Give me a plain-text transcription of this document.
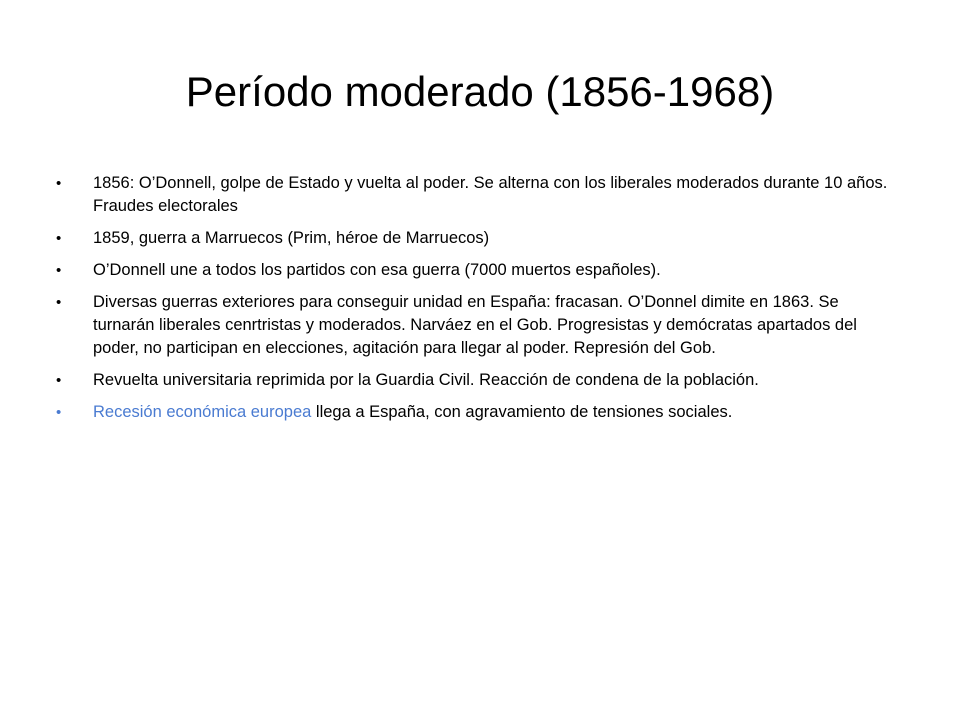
Período moderado (1856-1968)
•	1856: O’Donnell, golpe de Estado y vuelta al poder. Se alterna con los liberales moderados durante 10 años. Fraudes electorales
•	1859, guerra a Marruecos (Prim, héroe de Marruecos)
•	O’Donnell une a todos los partidos con esa guerra (7000 muertos españoles).
•	Diversas guerras exteriores para conseguir unidad en España: fracasan. O’Donnel dimite en 1863. Se turnarán liberales cenrtristas y moderados. Narváez en el Gob. Progresistas y demócratas apartados del poder, no participan en elecciones, agitación para llegar al poder. Represión del Gob.
•	Revuelta universitaria reprimida por la Guardia Civil. Reacción de condena de la población.
•	Recesión económica europea llega a España, con agravamiento de tensiones sociales.
